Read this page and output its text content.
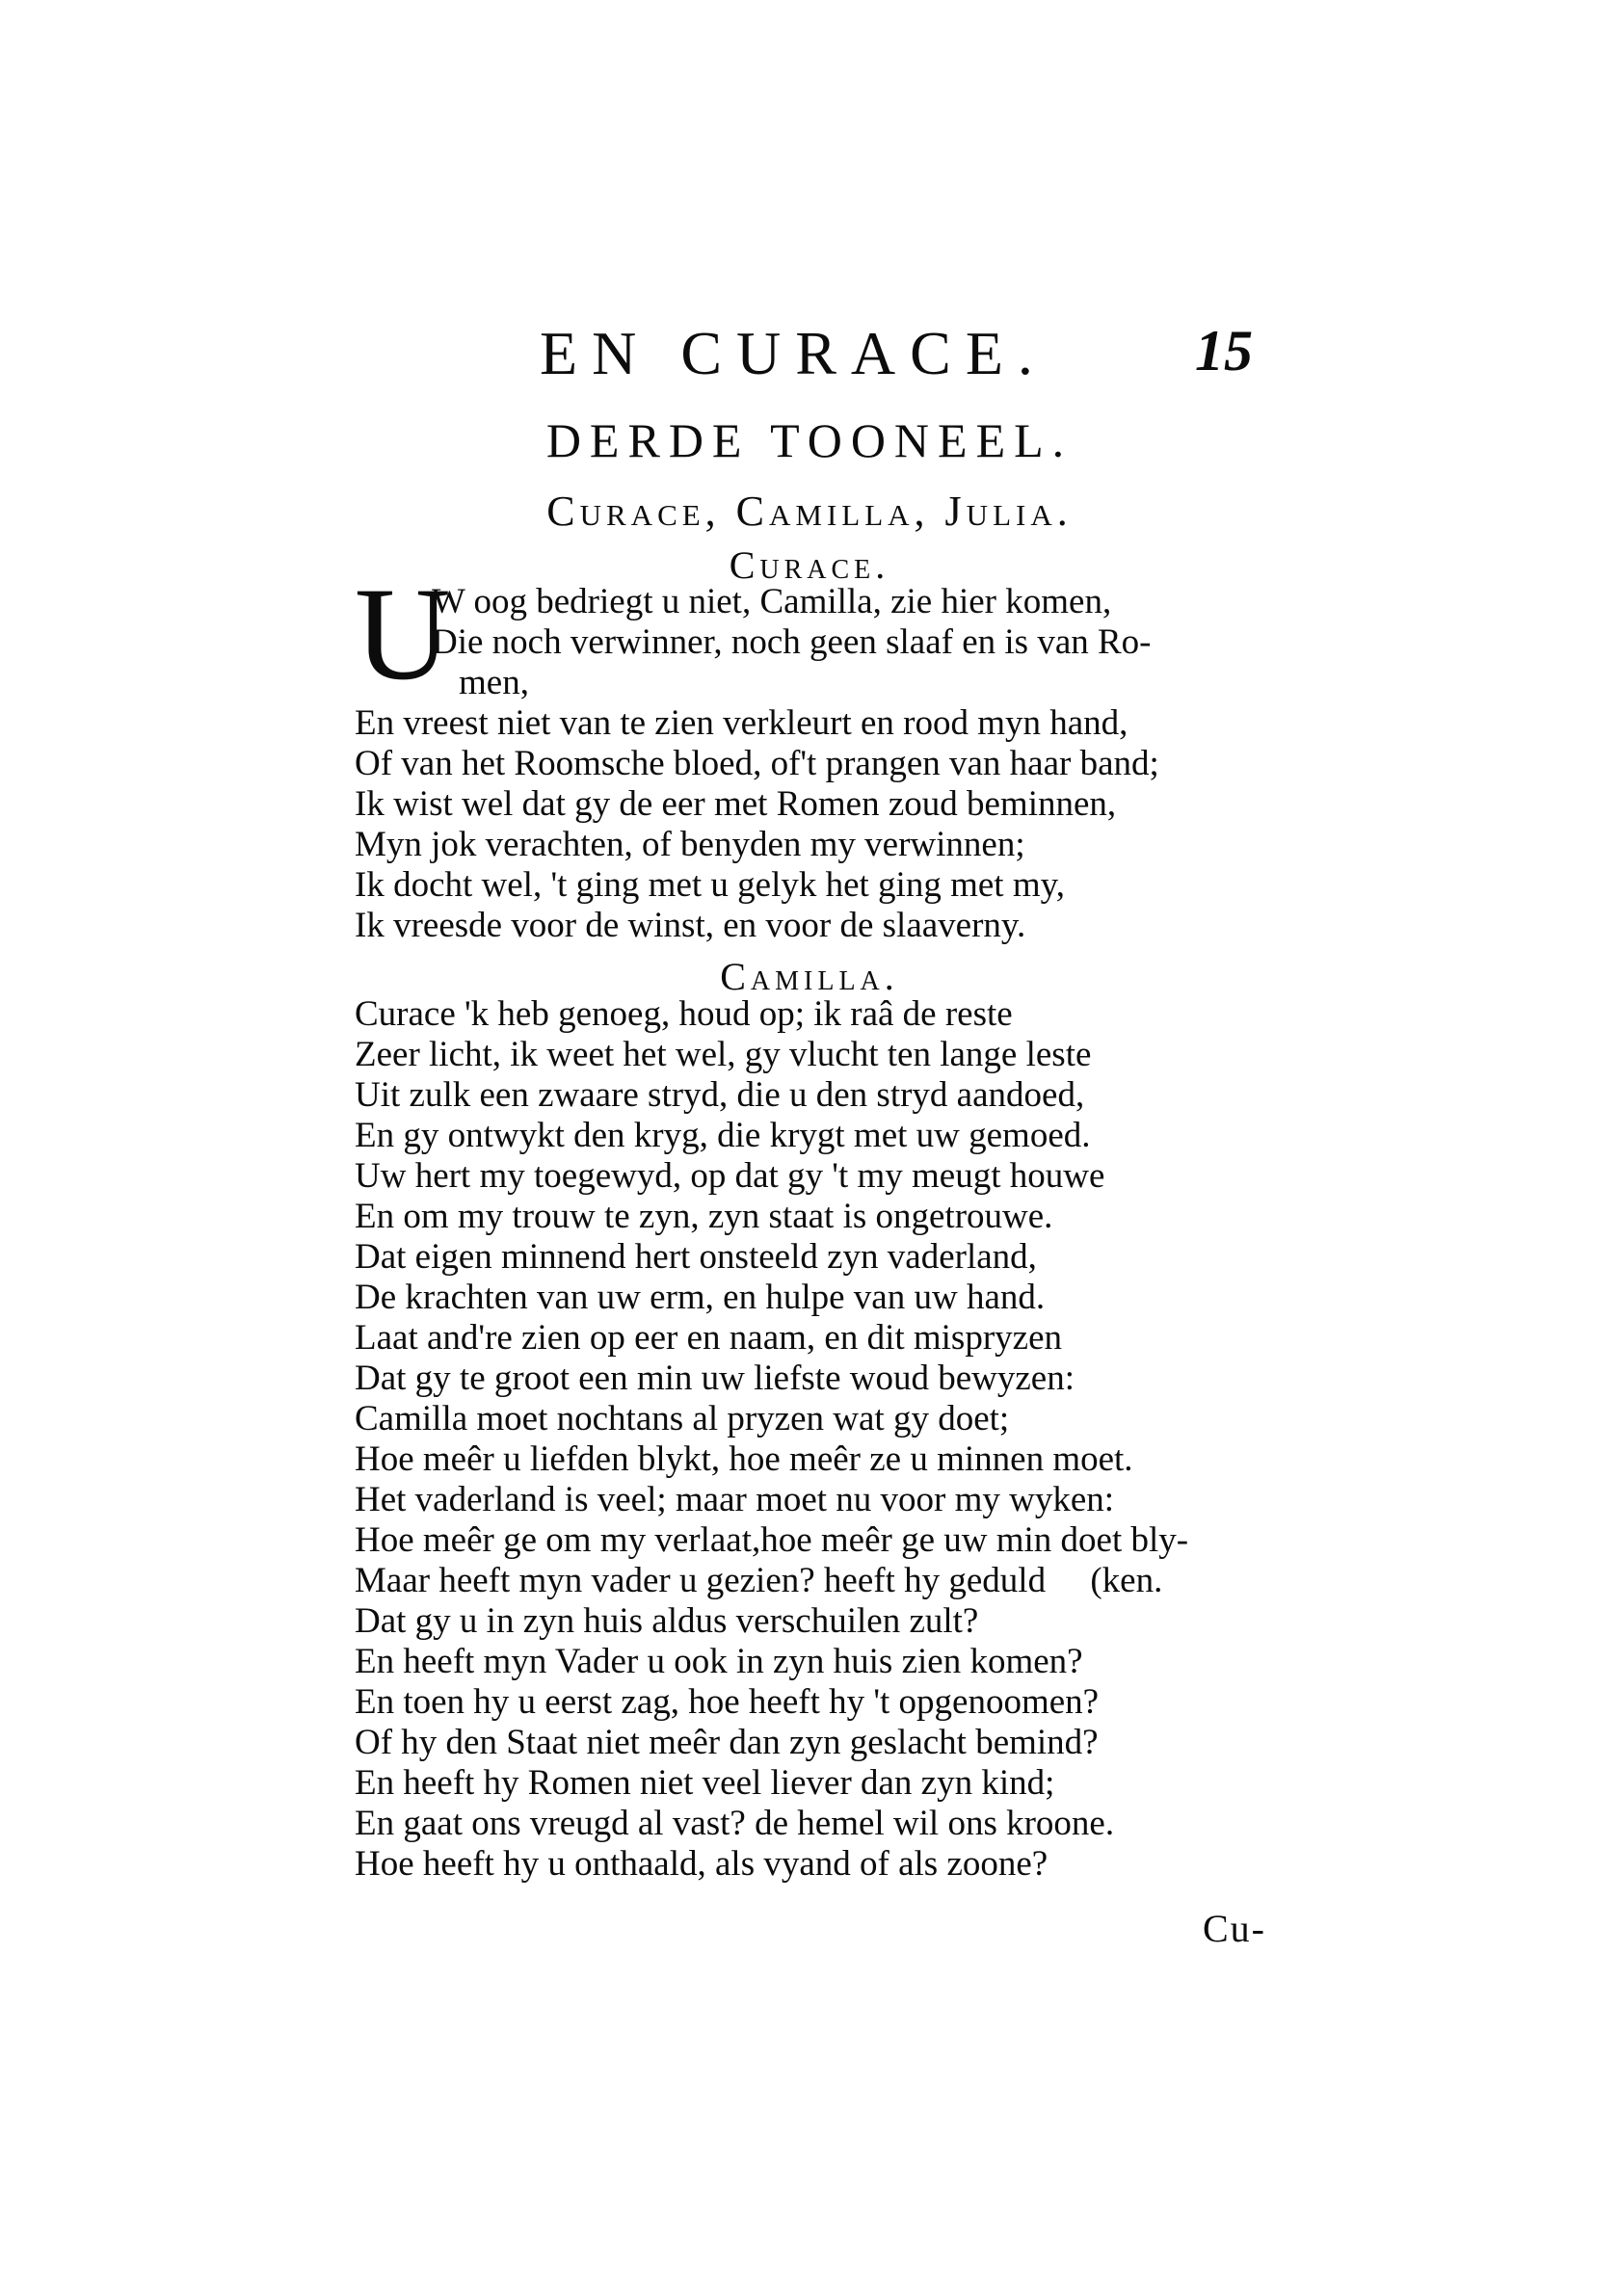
EN CURACE.	15
DERDE TOONEEL.
Curace, Camilla, Julia.
Curace.
U
W oog bedriegt u niet, Camilla, zie hier komen,
Die noch verwinner, noch geen slaaf en is van Ro-
men,
En vreest niet van te zien verkleurt en rood myn hand,
Of van het Roomsche bloed, of't prangen van haar band;
Ik wist wel dat gy de eer met Romen zoud beminnen,
Myn jok verachten, of benyden my verwinnen;
Ik docht wel, 't ging met u gelyk het ging met my,
Ik vreesde voor de winst, en voor de slaaverny.
Camilla.
Curace 'k heb genoeg, houd op; ik raâ de reste
Zeer licht, ik weet het wel, gy vlucht ten lange leste
Uit zulk een zwaare stryd, die u den stryd aandoed,
En gy ontwykt den kryg, die krygt met uw gemoed.
Uw hert my toegewyd, op dat gy 't my meugt houwe
En om my trouw te zyn, zyn staat is ongetrouwe.
Dat eigen minnend hert onsteeld zyn vaderland,
De krachten van uw erm, en hulpe van uw hand.
Laat and're zien op eer en naam, en dit mispryzen
Dat gy te groot een min uw liefste woud bewyzen:
Camilla moet nochtans al pryzen wat gy doet;
Hoe meêr u liefden blykt, hoe meêr ze u minnen moet.
Het vaderland is veel; maar moet nu voor my wyken:
Hoe meêr ge om my verlaat,hoe meêr ge uw min doet bly-
Maar heeft myn vader u gezien? heeft hy geduld     (ken.
Dat gy u in zyn huis aldus verschuilen zult?
En heeft myn Vader u ook in zyn huis zien komen?
En toen hy u eerst zag, hoe heeft hy 't opgenoomen?
Of hy den Staat niet meêr dan zyn geslacht bemind?
En heeft hy Romen niet veel liever dan zyn kind;
En gaat ons vreugd al vast? de hemel wil ons kroone.
Hoe heeft hy u onthaald, als vyand of als zoone?
Cu-
